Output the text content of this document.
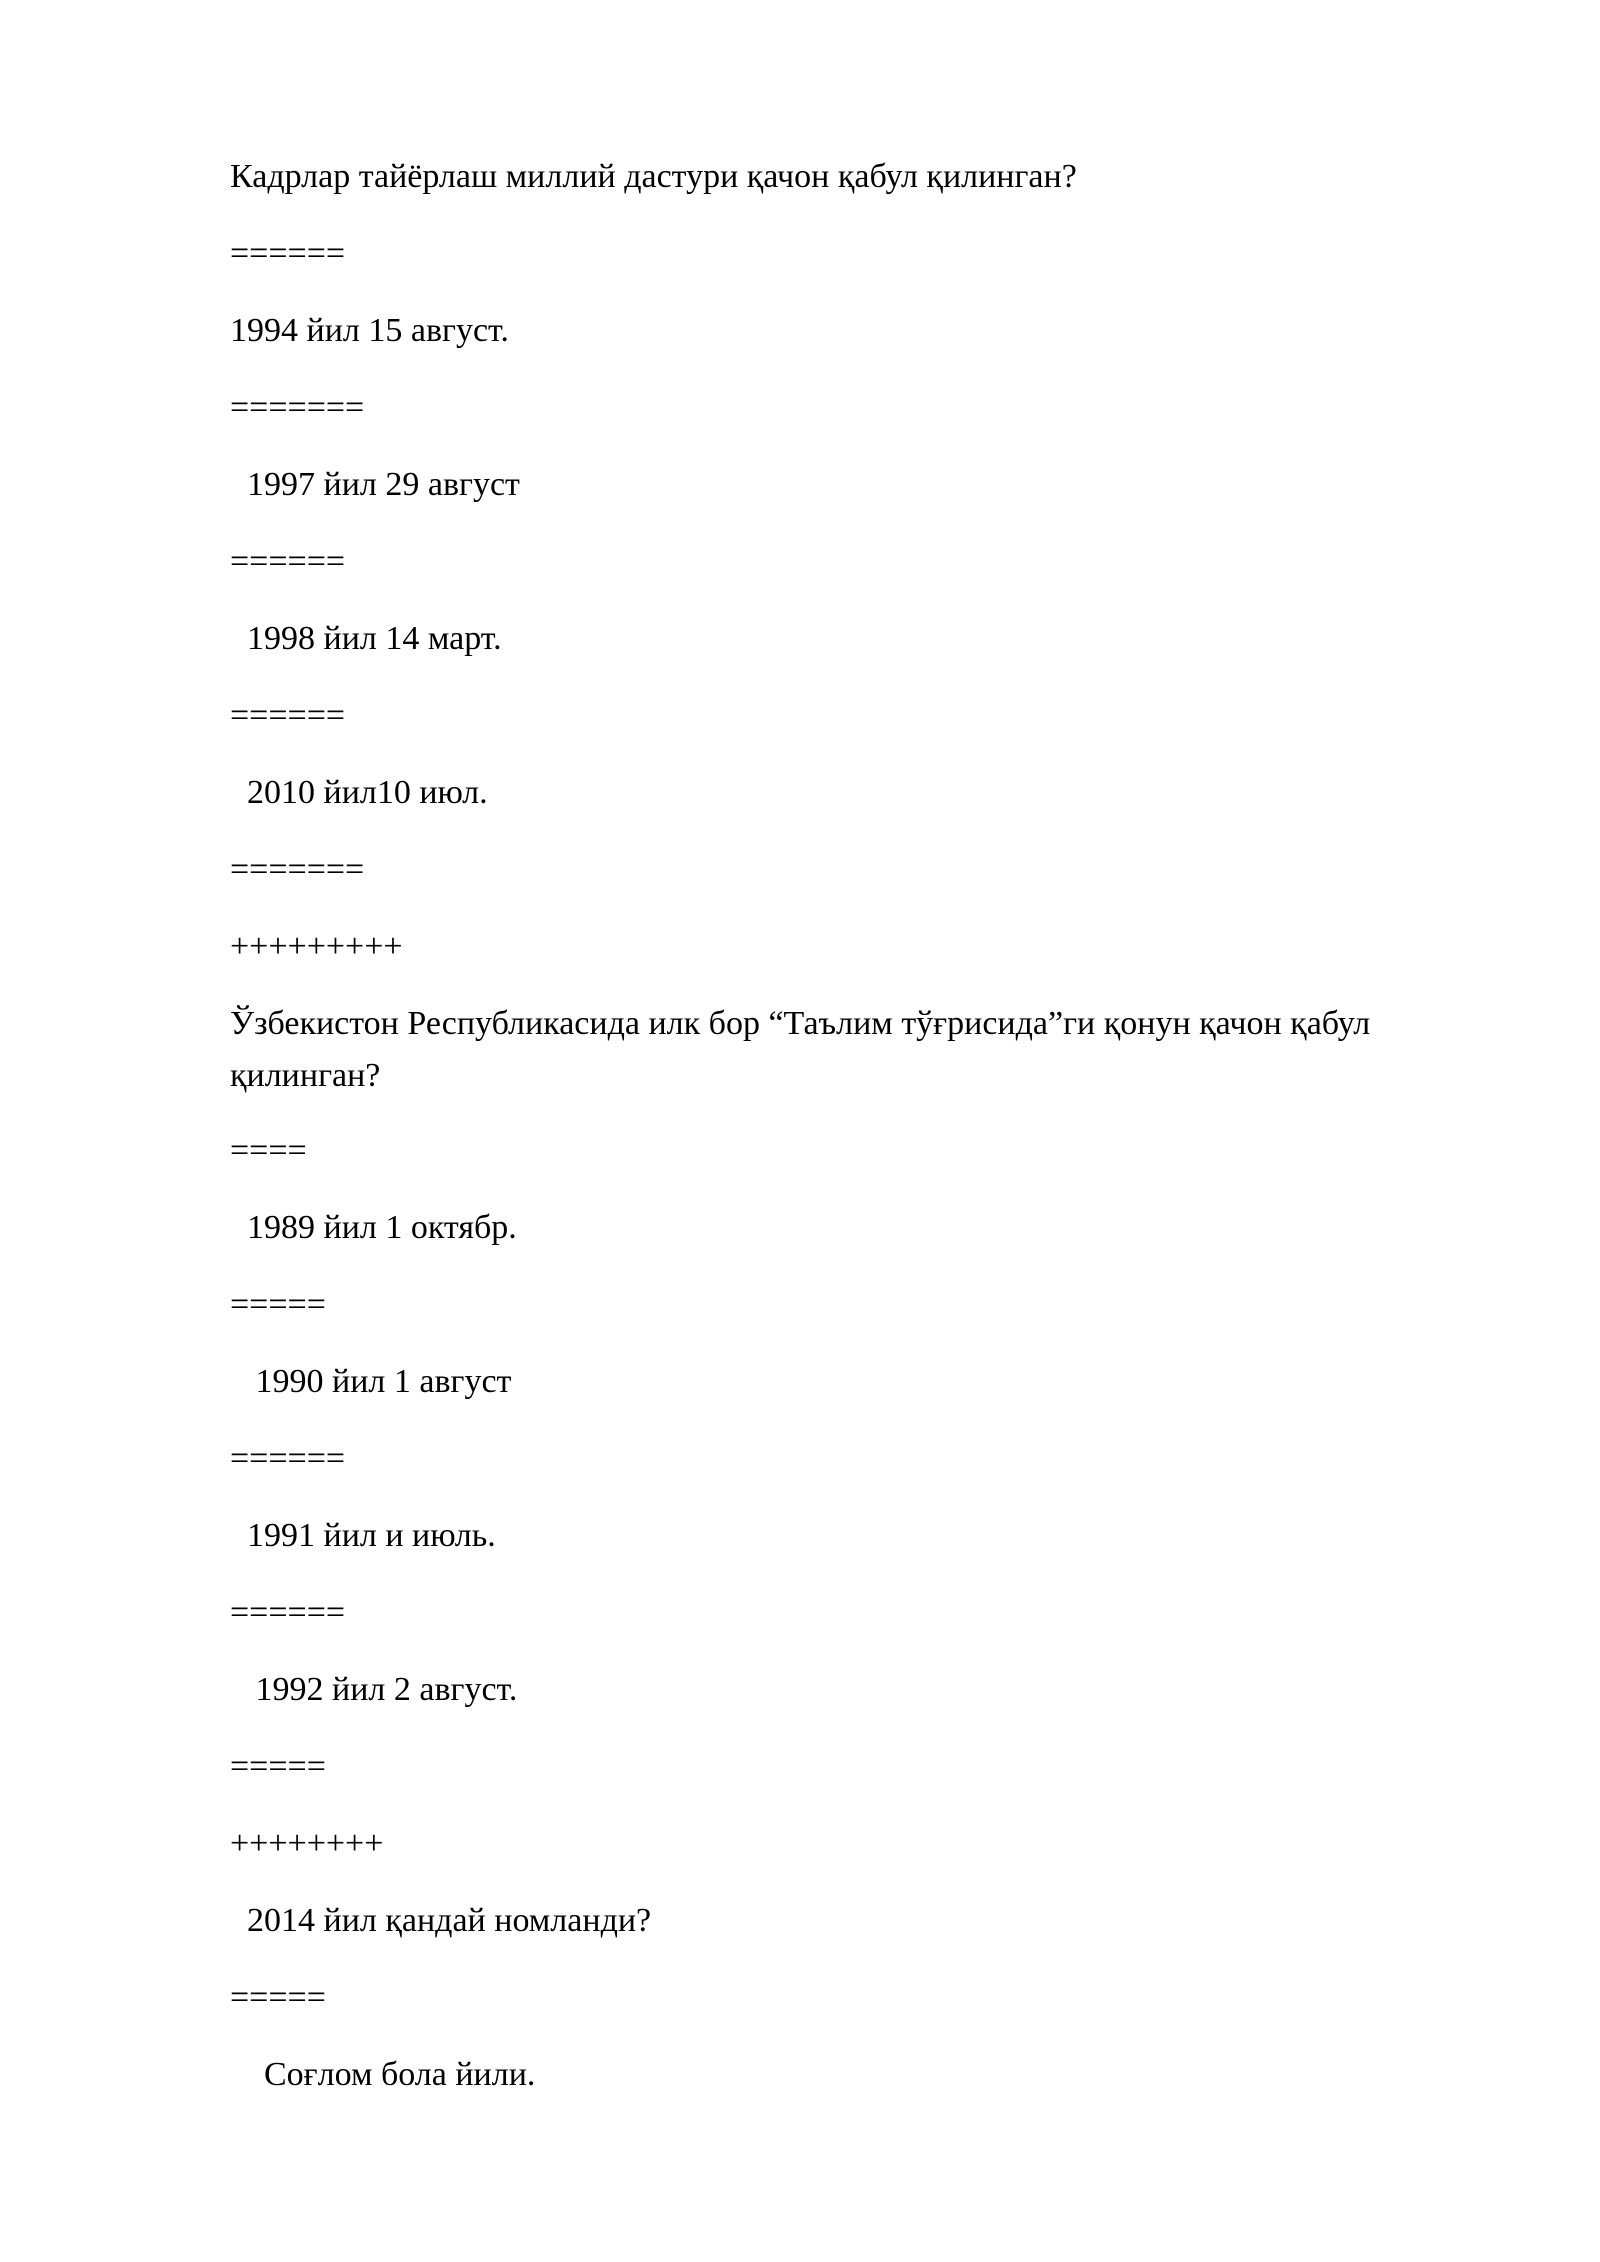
Кадрлар тайёрлаш миллий дастури қачон қабул қилинган?

======

1994 йил 15 август.

=======

1997 йил 29 август

======

1998 йил 14 март.

======

2010 йил10 июл.

=======

+++++++++

Ўзбекистон Республикасида илк бор “Таълим тўғрисида”ги қонун қачон қабул қилинган?

====

1989 йил 1 октябр.

=====

1990 йил 1 август

======

1991 йил и июль.

======

1992 йил 2 август.

=====

++++++++

2014 йил қандай номланди?

=====

Соғлом бола йили.
